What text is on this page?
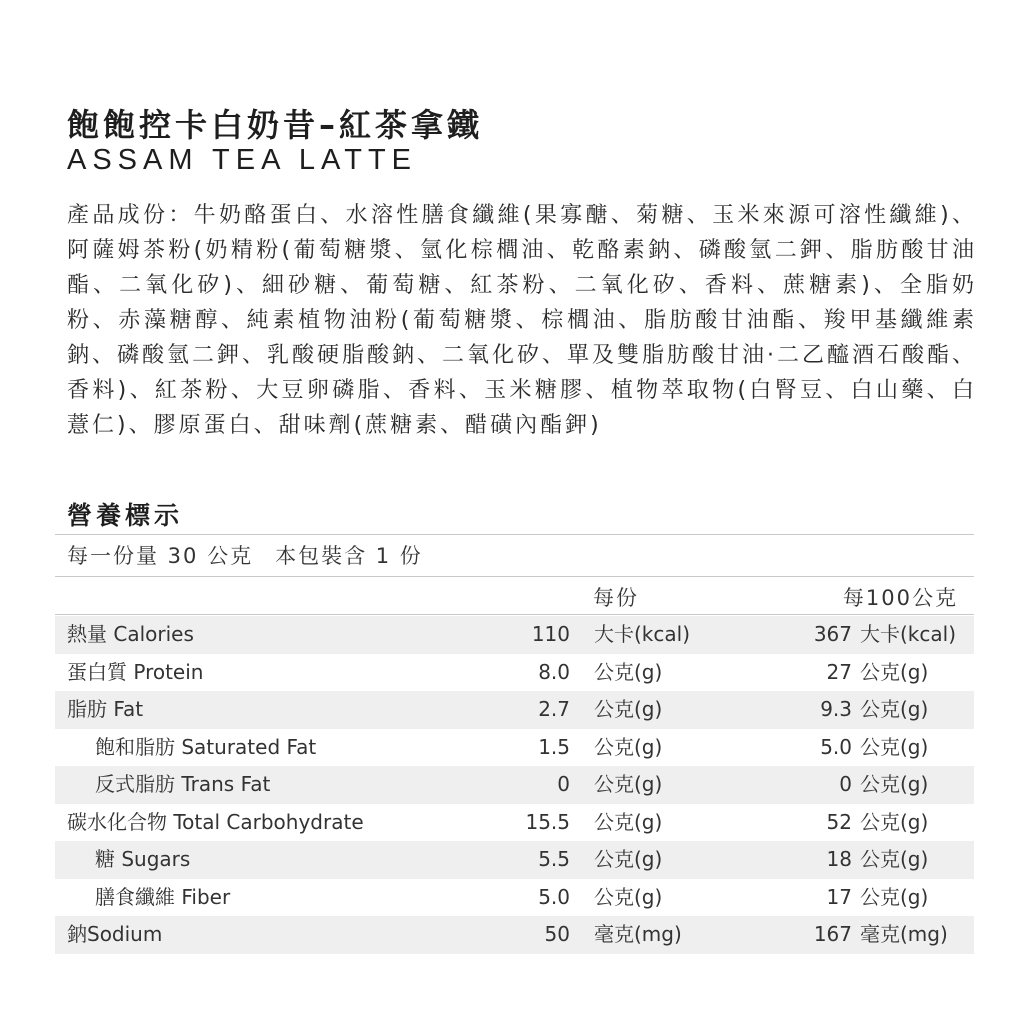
飽飽控卡白奶昔–紅茶拿鐵
ASSAM TEA LATTE
產品成份：牛奶酪蛋白、水溶性膳食纖維(果寡醣、菊糖、玉米來源可溶性纖維)、阿薩姆茶粉(奶精粉(葡萄糖漿、氫化棕櫚油、乾酪素鈉、磷酸氫二鉀、脂肪酸甘油酯、二氧化矽)、細砂糖、葡萄糖、紅茶粉、二氧化矽、香料、蔗糖素)、全脂奶粉、赤藻糖醇、純素植物油粉(葡萄糖漿、棕櫚油、脂肪酸甘油酯、羧甲基纖維素鈉、磷酸氫二鉀、乳酸硬脂酸鈉、二氧化矽、單及雙脂肪酸甘油·二乙醯酒石酸酯、香料)、紅茶粉、大豆卵磷脂、香料、玉米糖膠、植物萃取物(白腎豆、白山藥、白薏仁)、膠原蛋白、甜味劑(蔗糖素、醋磺內酯鉀)
營養標示
每一份量 30 公克 本包裝含 1 份
每份	每100公克
熱量 Calories	110 大卡(kcal)	367 大卡(kcal)
蛋白質 Protein	8.0 公克(g)	27 公克(g)
脂肪 Fat	2.7 公克(g)	9.3 公克(g)
飽和脂肪 Saturated Fat	1.5 公克(g)	5.0 公克(g)
反式脂肪 Trans Fat	0 公克(g)	0 公克(g)
碳水化合物 Total Carbohydrate	15.5 公克(g)	52 公克(g)
糖 Sugars	5.5 公克(g)	18 公克(g)
膳食纖維 Fiber	5.0 公克(g)	17 公克(g)
鈉Sodium	50 毫克(mg)	167 毫克(mg)
